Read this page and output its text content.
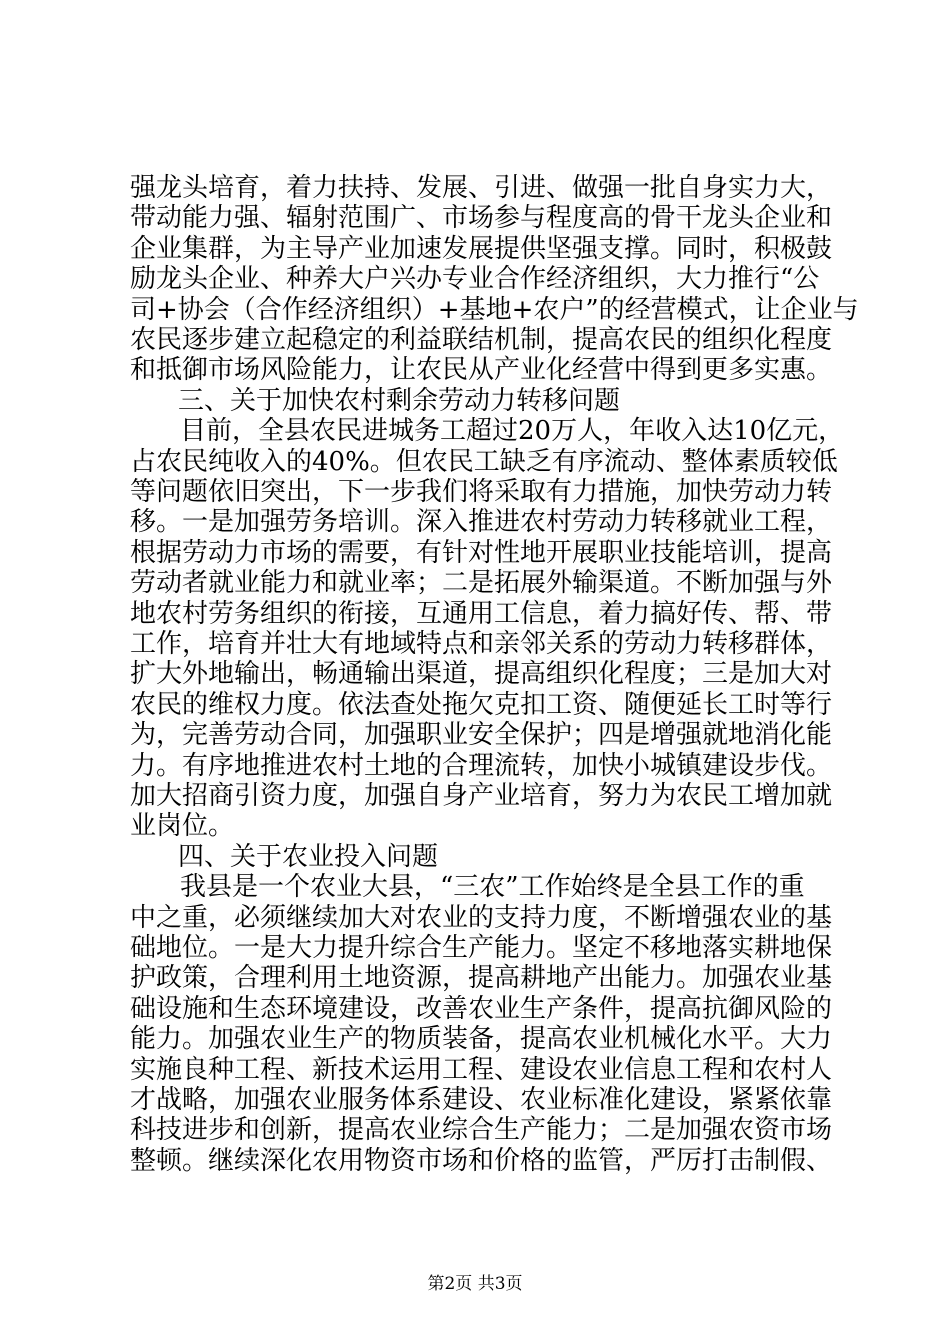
强龙头培育，着力扶持、发展、引进、做强一批自身实力大，
带动能力强、辐射范围广、市场参与程度高的骨干龙头企业和
企业集群，为主导产业加速发展提供坚强支撑。同时，积极鼓
励龙头企业、种养大户兴办专业合作经济组织，大力推行“公
司+协会（合作经济组织）+基地+农户”的经营模式，让企业与
农民逐步建立起稳定的利益联结机制，提高农民的组织化程度
和抵御市场风险能力，让农民从产业化经营中得到更多实惠。
三、关于加快农村剩余劳动力转移问题
目前，全县农民进城务工超过20万人，年收入达10亿元，
占农民纯收入的40%。但农民工缺乏有序流动、整体素质较低
等问题依旧突出，下一步我们将采取有力措施，加快劳动力转
移。一是加强劳务培训。深入推进农村劳动力转移就业工程，
根据劳动力市场的需要，有针对性地开展职业技能培训，提高
劳动者就业能力和就业率；二是拓展外输渠道。不断加强与外
地农村劳务组织的衔接，互通用工信息，着力搞好传、帮、带
工作，培育并壮大有地域特点和亲邻关系的劳动力转移群体，
扩大外地输出，畅通输出渠道，提高组织化程度；三是加大对
农民的维权力度。依法查处拖欠克扣工资、随便延长工时等行
为，完善劳动合同，加强职业安全保护；四是增强就地消化能
力。有序地推进农村土地的合理流转，加快小城镇建设步伐。
加大招商引资力度，加强自身产业培育，努力为农民工增加就
业岗位。
四、关于农业投入问题
我县是一个农业大县，“三农”工作始终是全县工作的重
中之重，必须继续加大对农业的支持力度，不断增强农业的基
础地位。一是大力提升综合生产能力。坚定不移地落实耕地保
护政策，合理利用土地资源，提高耕地产出能力。加强农业基
础设施和生态环境建设，改善农业生产条件，提高抗御风险的
能力。加强农业生产的物质装备，提高农业机械化水平。大力
实施良种工程、新技术运用工程、建设农业信息工程和农村人
才战略，加强农业服务体系建设、农业标准化建设，紧紧依靠
科技进步和创新，提高农业综合生产能力；二是加强农资市场
整顿。继续深化农用物资市场和价格的监管，严厉打击制假、
第2页 共3页
